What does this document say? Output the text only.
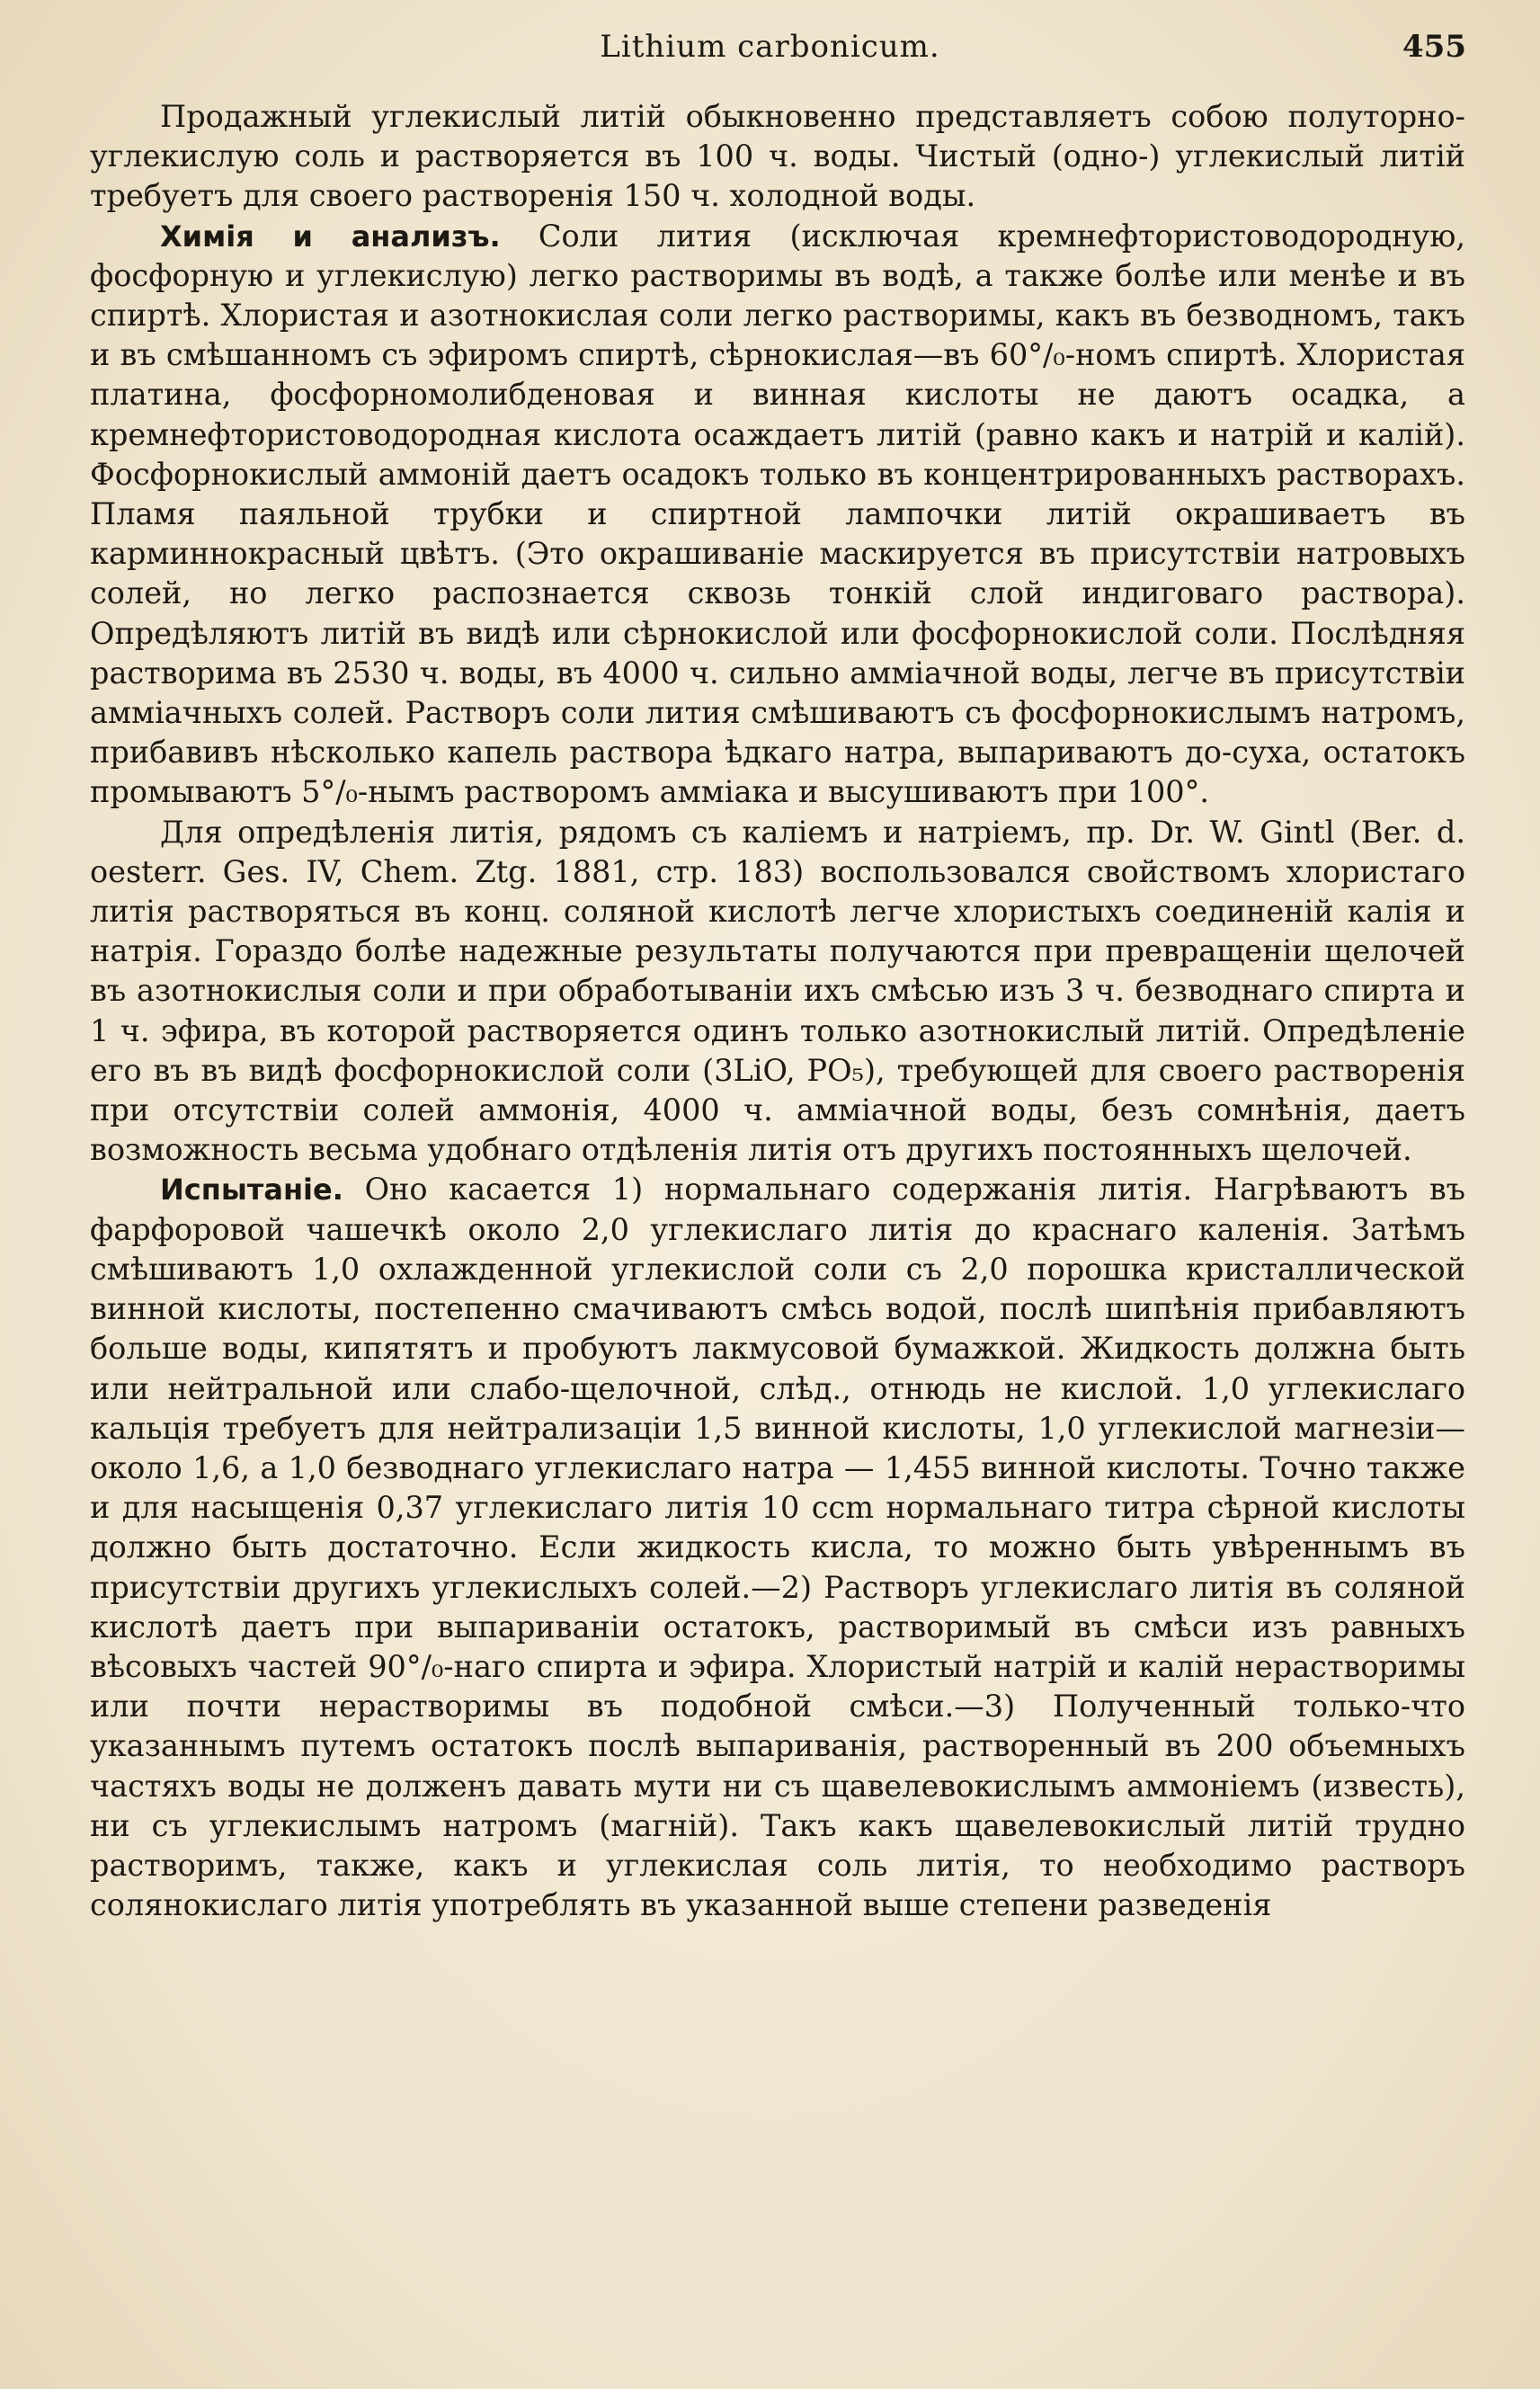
Lithium carbonicum.	455

Продажный углекислый литій обыкновенно представляетъ собою полуторно-углекислую соль и растворяется въ 100 ч. воды. Чистый (одно-) углекислый литій требуетъ для своего растворенія 150 ч. холодной воды.

Химія и анализъ. Соли лития (исключая кремнефтористоводородную, фосфорную и углекислую) легко растворимы въ водѣ, а также болѣе или менѣе и въ спиртѣ. Хлористая и азотнокислая соли легко растворимы, какъ въ безводномъ, такъ и въ смѣшанномъ съ эфиромъ спиртѣ, сѣрнокислая—въ 60°/₀-номъ спиртѣ. Хлористая платина, фосфорномолибденовая и винная кислоты не даютъ осадка, а кремнефтористоводородная кислота осаждаетъ литій (равно какъ и натрій и калій). Фосфорнокислый аммоній даетъ осадокъ только въ концентрированныхъ растворахъ. Пламя паяльной трубки и спиртной лампочки литій окрашиваетъ въ карминнокрасный цвѣтъ. (Это окрашиваніе маскируется въ присутствіи натровыхъ солей, но легко распознается сквозь тонкій слой индиговаго раствора). Опредѣляютъ литій въ видѣ или сѣрнокислой или фосфорнокислой соли. Послѣдняя растворима въ 2530 ч. воды, въ 4000 ч. сильно амміачной воды, легче въ присутствіи амміачныхъ солей. Растворъ соли лития смѣшиваютъ съ фосфорнокислымъ натромъ, прибавивъ нѣсколько капель раствора ѣдкаго натра, выпариваютъ до-суха, остатокъ промываютъ 5°/₀-нымъ растворомъ амміака и высушиваютъ при 100°.

Для опредѣленія литія, рядомъ съ каліемъ и натріемъ, пр. Dr. W. Gintl (Ber. d. oesterr. Ges. IV, Chem. Ztg. 1881, стр. 183) воспользовался свойствомъ хлористаго литія растворяться въ конц. соляной кислотѣ легче хлористыхъ соединеній калія и натрія. Гораздо болѣе надежные результаты получаются при превращеніи щелочей въ азотнокислыя соли и при обработываніи ихъ смѣсью изъ 3 ч. безводнаго спирта и 1 ч. эфира, въ которой растворяется одинъ только азотнокислый литій. Опредѣленіе его въ въ видѣ фосфорнокислой соли (3LiO, PO₅), требующей для своего растворенія при отсутствіи солей аммонія, 4000 ч. амміачной воды, безъ сомнѣнія, даетъ возможность весьма удобнаго отдѣленія литія отъ другихъ постоянныхъ щелочей.

Испытаніе. Оно касается 1) нормальнаго содержанія литія. Нагрѣваютъ въ фарфоровой чашечкѣ около 2,0 углекислаго литія до краснаго каленія. Затѣмъ смѣшиваютъ 1,0 охлажденной углекислой соли съ 2,0 порошка кристаллической винной кислоты, постепенно смачиваютъ смѣсь водой, послѣ шипѣнія прибавляютъ больше воды, кипятятъ и пробуютъ лакмусовой бумажкой. Жидкость должна быть или нейтральной или слабо-щелочной, слѣд., отнюдь не кислой. 1,0 углекислаго кальція требуетъ для нейтрализаціи 1,5 винной кислоты, 1,0 углекислой магнезіи—около 1,6, а 1,0 безводнаго углекислаго натра — 1,455 винной кислоты. Точно также и для насыщенія 0,37 углекислаго литія 10 ccm нормальнаго титра сѣрной кислоты должно быть достаточно. Если жидкость кисла, то можно быть увѣреннымъ въ присутствіи другихъ углекислыхъ солей.—2) Растворъ углекислаго литія въ соляной кислотѣ даетъ при выпариваніи остатокъ, растворимый въ смѣси изъ равныхъ вѣсовыхъ частей 90°/₀-наго спирта и эфира. Хлористый натрій и калій нерастворимы или почти нерастворимы въ подобной смѣси.—3) Полученный только-что указаннымъ путемъ остатокъ послѣ выпариванія, растворенный въ 200 объемныхъ частяхъ воды не долженъ давать мути ни съ щавелевокислымъ аммоніемъ (известь), ни съ углекислымъ натромъ (магній). Такъ какъ щавелевокислый литій трудно растворимъ, также, какъ и углекислая соль литія, то необходимо растворъ солянокислаго литія употреблять въ указанной выше степени разведенія
